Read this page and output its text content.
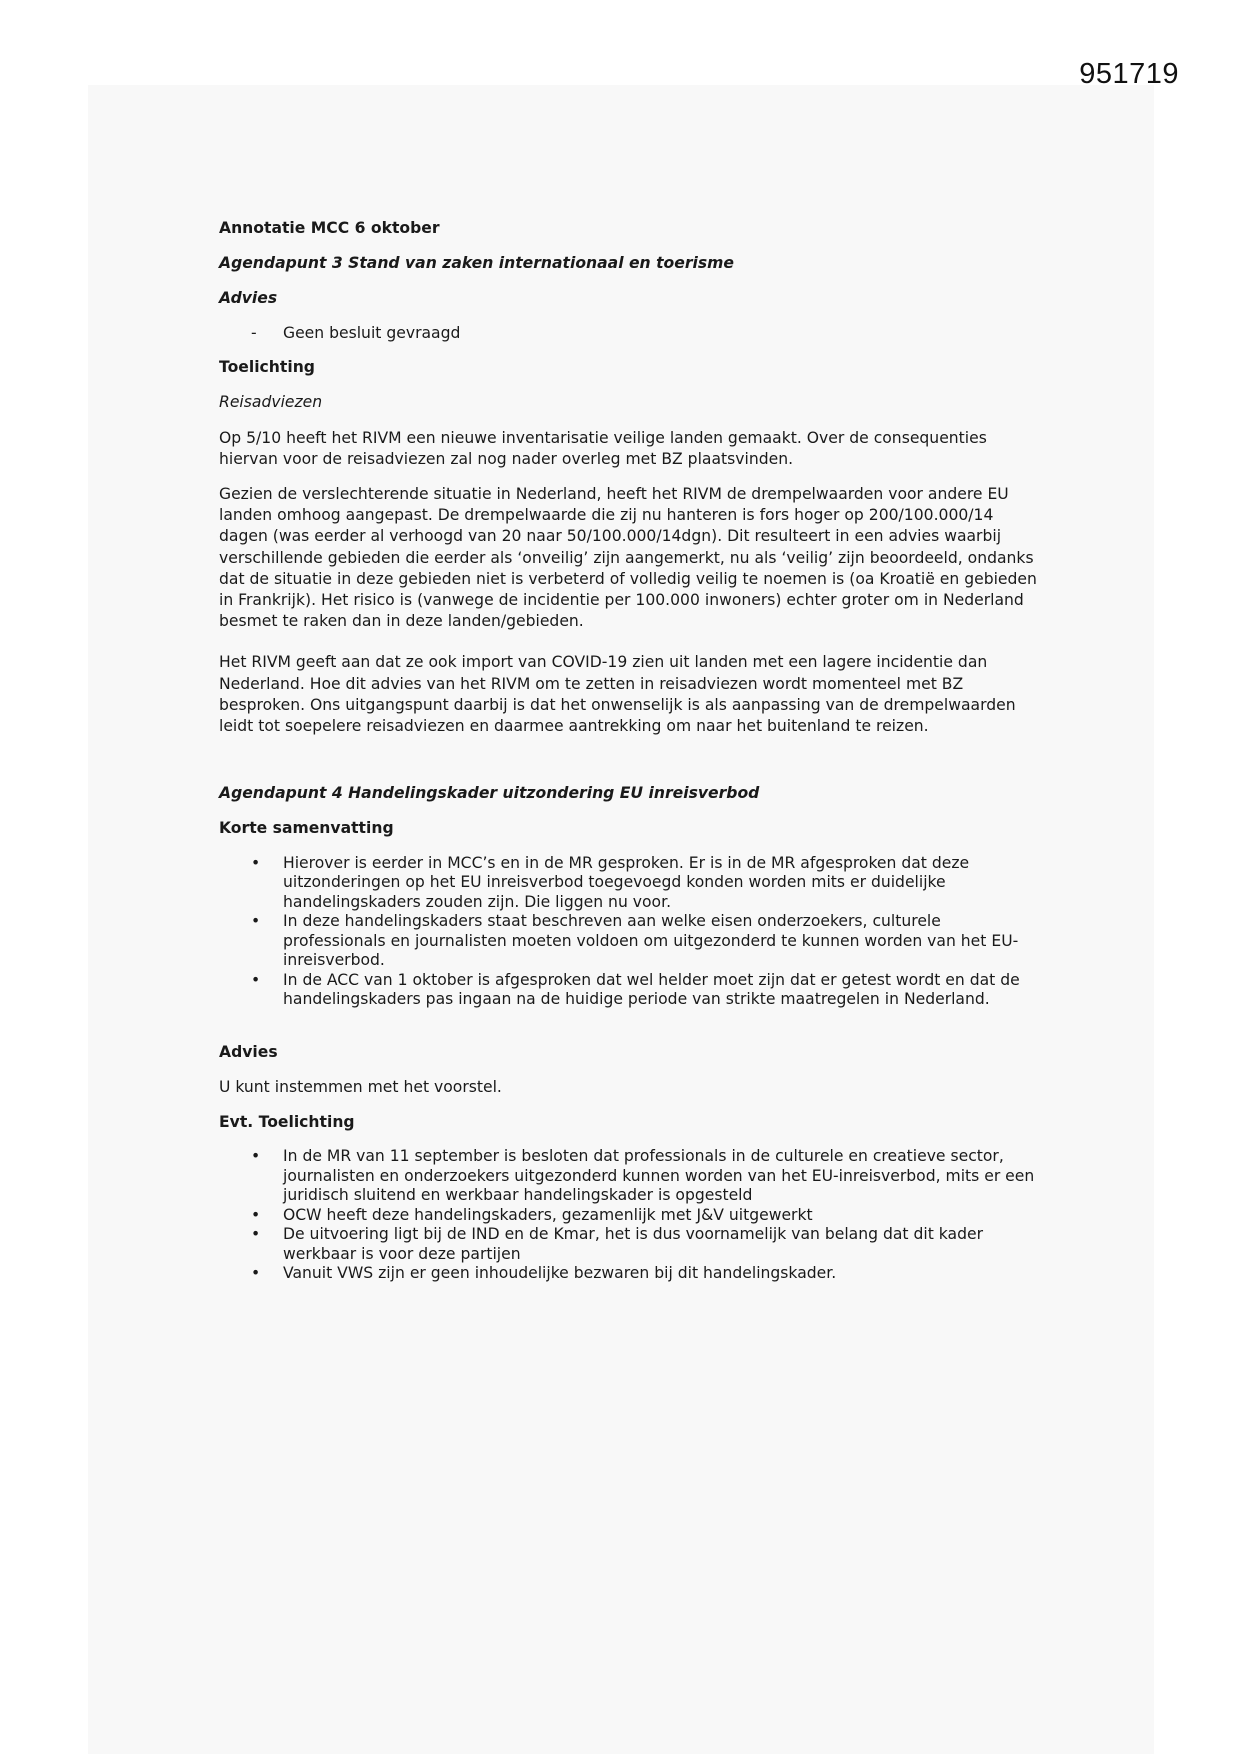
951719

Annotatie MCC 6 oktober

Agendapunt 3 Stand van zaken internationaal en toerisme

Advies

- Geen besluit gevraagd

Toelichting

Reisadviezen

Op 5/10 heeft het RIVM een nieuwe inventarisatie veilige landen gemaakt. Over de consequenties hiervan voor de reisadviezen zal nog nader overleg met BZ plaatsvinden.

Gezien de verslechterende situatie in Nederland, heeft het RIVM de drempelwaarden voor andere EU landen omhoog aangepast. De drempelwaarde die zij nu hanteren is fors hoger op 200/100.000/14 dagen (was eerder al verhoogd van 20 naar 50/100.000/14dgn). Dit resulteert in een advies waarbij verschillende gebieden die eerder als ‘onveilig’ zijn aangemerkt, nu als ‘veilig’ zijn beoordeeld, ondanks dat de situatie in deze gebieden niet is verbeterd of volledig veilig te noemen is (oa Kroatië en gebieden in Frankrijk). Het risico is (vanwege de incidentie per 100.000 inwoners) echter groter om in Nederland besmet te raken dan in deze landen/gebieden.

Het RIVM geeft aan dat ze ook import van COVID-19 zien uit landen met een lagere incidentie dan Nederland. Hoe dit advies van het RIVM om te zetten in reisadviezen wordt momenteel met BZ besproken. Ons uitgangspunt daarbij is dat het onwenselijk is als aanpassing van de drempelwaarden leidt tot soepelere reisadviezen en daarmee aantrekking om naar het buitenland te reizen.

Agendapunt 4 Handelingskader uitzondering EU inreisverbod

Korte samenvatting

• Hierover is eerder in MCC’s en in de MR gesproken. Er is in de MR afgesproken dat deze uitzonderingen op het EU inreisverbod toegevoegd konden worden mits er duidelijke handelingskaders zouden zijn. Die liggen nu voor.
• In deze handelingskaders staat beschreven aan welke eisen onderzoekers, culturele professionals en journalisten moeten voldoen om uitgezonderd te kunnen worden van het EU-inreisverbod.
• In de ACC van 1 oktober is afgesproken dat wel helder moet zijn dat er getest wordt en dat de handelingskaders pas ingaan na de huidige periode van strikte maatregelen in Nederland.

Advies

U kunt instemmen met het voorstel.

Evt. Toelichting

• In de MR van 11 september is besloten dat professionals in de culturele en creatieve sector, journalisten en onderzoekers uitgezonderd kunnen worden van het EU-inreisverbod, mits er een juridisch sluitend en werkbaar handelingskader is opgesteld
• OCW heeft deze handelingskaders, gezamenlijk met J&V uitgewerkt
• De uitvoering ligt bij de IND en de Kmar, het is dus voornamelijk van belang dat dit kader werkbaar is voor deze partijen
• Vanuit VWS zijn er geen inhoudelijke bezwaren bij dit handelingskader.
